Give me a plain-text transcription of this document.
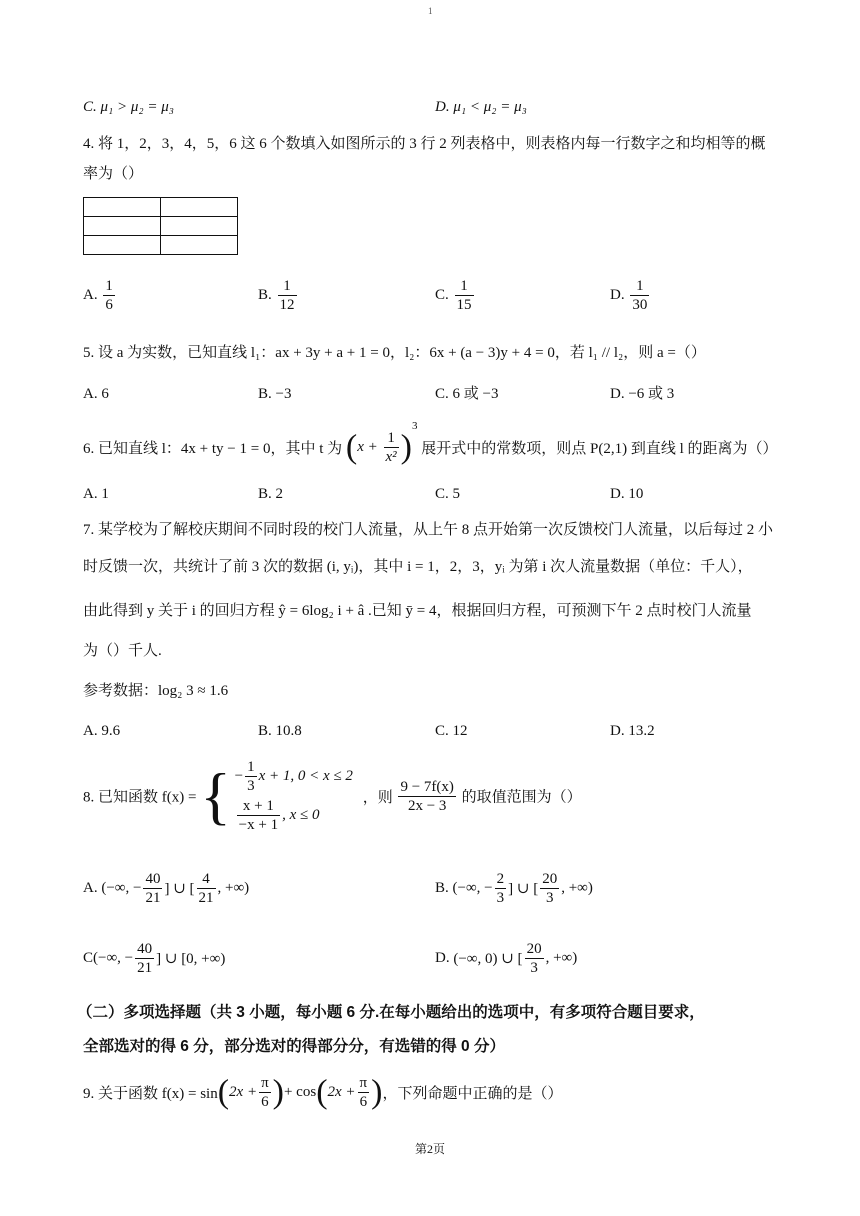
1
C. μ₁ > μ₂ = μ₃	D. μ₁ < μ₂ = μ₃
4. 将 1，2，3，4，5，6 这 6 个数填入如图所示的 3 行 2 列表格中，则表格内每一行数字之和均相等的概
率为（）

A. $\frac{1}{6}$	B. $\frac{1}{12}$	C. $\frac{1}{15}$	D. $\frac{1}{30}$
5. 设 a 为实数，已知直线 l₁：ax + 3y + a + 1 = 0，l₂：6x + (a − 3)y + 4 = 0，若 l₁ // l₂，则 a =（）
A. 6	B. −3	C. 6 或 −3	D. −6 或 3
6. 已知直线 l：4x + ty − 1 = 0，其中 t 为 $(x + \frac{1}{\text{x²}} )^3$ 展开式中的常数项，则点 P(2,1) 到直线 l 的距离为（）
A. 1	B. 2	C. 5	D. 10
7. 某学校为了解校庆期间不同时段的校门人流量，从上午 8 点开始第一次反馈校门人流量，以后每过 2 小
时反馈一次，共统计了前 3 次的数据 (i, yᵢ)，其中 i = 1，2，3，yᵢ 为第 i 次人流量数据（单位：千人），
由此得到 y 关于 i 的回归方程 ŷ = 6log₂ i + â .已知 ȳ = 4，根据回归方程，可预测下午 2 点时校门人流量
为（）千人.
参考数据：log₂ 3 ≈ 1.6
A. 9.6	B. 10.8	C. 12	D. 13.2
8. 已知函数 f(x) = { − $\frac{1}{3}$ x + 1, 0 < x ≤ 2
$\frac{x + 1}{-x + 1}$ , x ≤ 0
，则 $\frac{9 - 7f(x)}{2x - 3}$ 的取值范围为（）
A. (−∞, − $\frac{40}{21}$ ] ∪ [ $\frac{4}{21}$ , +∞)	B. (−∞, − $\frac{2}{3}$ ] ∪ [ $\frac{20}{3}$ , +∞)
C(−∞, − $\frac{40}{21}$ ] ∪ [0, +∞)	D. (−∞, 0) ∪ [ $\frac{20}{3}$ , +∞)
（二）多项选择题（共 3 小题，每小题 6 分.在每小题给出的选项中，有多项符合题目要求，
全部选对的得 6 分，部分选对的得部分分，有选错的得 0 分）
9. 关于函数 $f(x) = \sin(2x + \frac{\pi}{6}$ )+ $\cos(2x + \frac{\pi}{6}$ )，下列命题中正确的是（）
第2页
